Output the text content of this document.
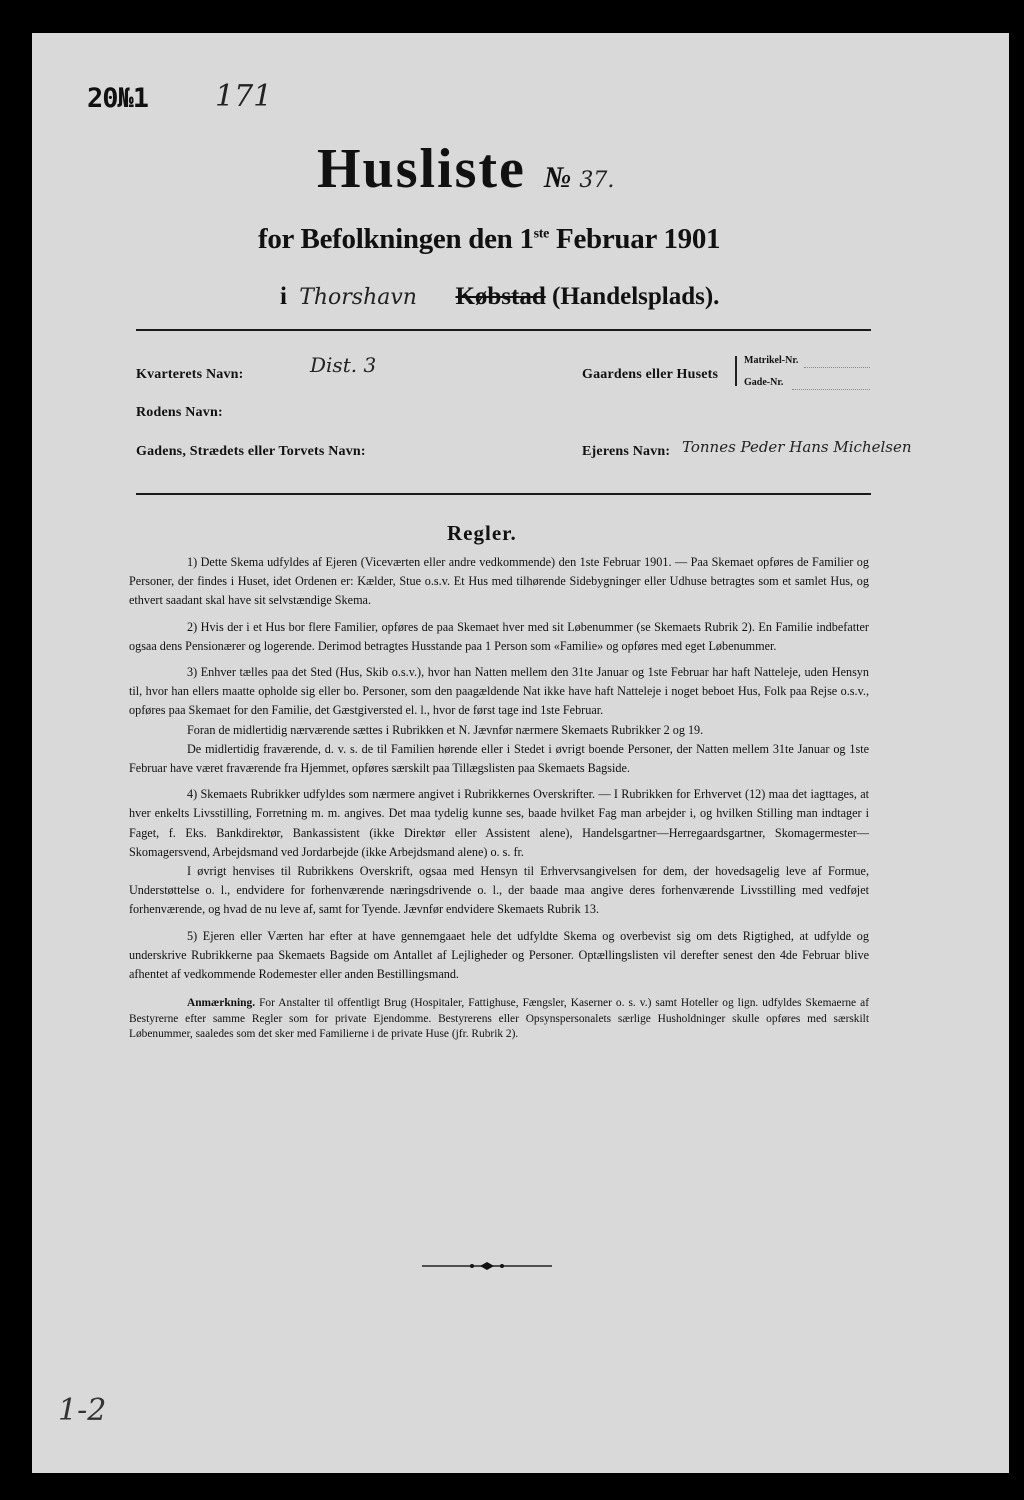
20№1 171
Husliste № 37.
for Befolkningen den 1ste Februar 1901
i Thorshavn Købstad (Handelsplads).
Kvarterets Navn:	Dist. 3	Gaardens eller Husets
Matrikel-Nr.
Gade-Nr.
Rodens Navn:
Gadens, Strædets eller Torvets Navn:	Ejerens Navn: Tonnes Peder Hans Michelsen
Regler.

1) Dette Skema udfyldes af Ejeren (Viceværten eller andre vedkommende) den 1ste Februar 1901. — Paa Skemaet opføres de Familier og Personer, der findes i Huset, idet Ordenen er: Kælder, Stue o.s.v. Et Hus med tilhørende Sidebygninger eller Udhuse betragtes som et samlet Hus, og ethvert saadant skal have sit selvstændige Skema.

2) Hvis der i et Hus bor flere Familier, opføres de paa Skemaet hver med sit Løbenummer (se Skemaets Rubrik 2). En Familie indbefatter ogsaa dens Pensionærer og logerende. Derimod betragtes Husstande paa 1 Person som «Familie» og opføres med eget Løbenummer.

3) Enhver tælles paa det Sted (Hus, Skib o.s.v.), hvor han Natten mellem den 31te Januar og 1ste Februar har haft Natteleje, uden Hensyn til, hvor han ellers maatte opholde sig eller bo. Personer, som den paagældende Nat ikke have haft Natteleje i noget beboet Hus, Folk paa Rejse o.s.v., opføres paa Skemaet for den Familie, det Gæstgiversted el. l., hvor de først tage ind 1ste Februar.

Foran de midlertidig nærværende sættes i Rubrikken et N. Jævnfør nærmere Skemaets Rubrikker 2 og 19.

De midlertidig fraværende, d. v. s. de til Familien hørende eller i Stedet i øvrigt boende Personer, der Natten mellem 31te Januar og 1ste Februar have været fraværende fra Hjemmet, opføres særskilt paa Tillægslisten paa Skemaets Bagside.

4) Skemaets Rubrikker udfyldes som nærmere angivet i Rubrikkernes Overskrifter. — I Rubrikken for Erhvervet (12) maa det iagttages, at hver enkelts Livsstilling, Forretning m. m. angives. Det maa tydelig kunne ses, baade hvilket Fag man arbejder i, og hvilken Stilling man indtager i Faget, f. Eks. Bankdirektør, Bankassistent (ikke Direktør eller Assistent alene), Handelsgartner—Herregaardsgartner, Skomagermester—Skomagersvend, Arbejdsmand ved Jordarbejde (ikke Arbejdsmand alene) o. s. fr.

I øvrigt henvises til Rubrikkens Overskrift, ogsaa med Hensyn til Erhvervsangivelsen for dem, der hovedsagelig leve af Formue, Understøttelse o. l., endvidere for forhenværende næringsdrivende o. l., der baade maa angive deres forhenværende Livsstilling med vedføjet forhenværende, og hvad de nu leve af, samt for Tyende. Jævnfør endvidere Skemaets Rubrik 13.

5) Ejeren eller Værten har efter at have gennemgaaet hele det udfyldte Skema og overbevist sig om dets Rigtighed, at udfylde og underskrive Rubrikkerne paa Skemaets Bagside om Antallet af Lejligheder og Personer. Optællingslisten vil derefter senest den 4de Februar blive afhentet af vedkommende Rodemester eller anden Bestillingsmand.

Anmærkning. For Anstalter til offentligt Brug (Hospitaler, Fattighuse, Fængsler, Kaserner o. s. v.) samt Hoteller og lign. udfyldes Skemaerne af Bestyrerne efter samme Regler som for private Ejendomme. Bestyrerens eller Opsynspersonalets særlige Husholdninger skulle opføres med særskilt Løbenummer, saaledes som det sker med Familierne i de private Huse (jfr. Rubrik 2).

1-2
